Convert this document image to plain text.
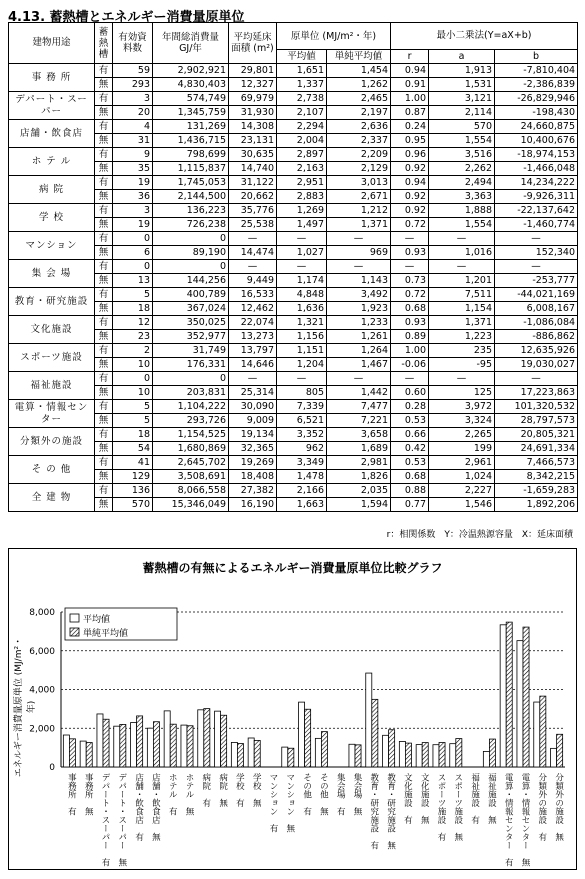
4.13. 蓄熱槽とエネルギー消費量原単位
建物用途	蓄熱槽	有効資料数	年間総消費量 GJ/年	平均延床面積 (m²)	原単位 (MJ/m²・年)		最小二乗法(Y=aX+b)		
					平均値	単純平均値	r	a	b
事 務 所	有	59	2,902,921	29,801	1,651	1,454	0.94	1,913	-7,810,404
	無	293	4,830,403	12,327	1,337	1,262	0.91	1,531	-2,386,839
デパート・スーパー	有	3	574,749	69,979	2,738	2,465	1.00	3,121	-26,829,946
	無	20	1,345,759	31,930	2,107	2,197	0.87	2,114	-198,430
店舗・飲食店	有	4	131,269	14,308	2,294	2,636	0.24	570	24,660,875
	無	31	1,436,715	23,131	2,004	2,337	0.95	1,554	10,400,676
ホ テ ル	有	9	798,699	30,635	2,897	2,209	0.96	3,516	-18,974,153
	無	35	1,115,837	14,740	2,163	2,129	0.92	2,262	-1,466,048
病 院	有	19	1,745,053	31,122	2,951	3,013	0.94	2,494	14,234,222
	無	36	2,144,500	20,662	2,883	2,671	0.92	3,363	-9,926,311
学 校	有	3	136,223	35,776	1,269	1,212	0.92	1,888	-22,137,642
	無	19	726,238	25,538	1,497	1,371	0.72	1,554	-1,460,774
マンション	有	0	0	—	—	—	—	—	—
	無	6	89,190	14,474	1,027	969	0.93	1,016	152,340
集 会 場	有	0	0	—	—	—	—	—	—
	無	13	144,256	9,449	1,174	1,143	0.73	1,201	-253,777
教育・研究施設	有	5	400,789	16,533	4,848	3,492	0.72	7,511	-44,021,169
	無	18	367,024	12,462	1,636	1,923	0.68	1,154	6,008,167
文化施設	有	12	350,025	22,074	1,321	1,233	0.93	1,371	-1,086,084
	無	23	352,977	13,273	1,156	1,261	0.89	1,223	-886,862
スポーツ施設	有	2	31,749	13,797	1,151	1,264	1.00	235	12,635,926
	無	10	176,331	14,646	1,204	1,467	-0.06	-95	19,030,027
福祉施設	有	0	0	—	—	—	—	—	—
	無	10	203,831	25,314	805	1,442	0.60	125	17,223,863
電算・情報センター	有	5	1,104,222	30,090	7,339	7,477	0.28	3,972	101,320,532
	無	5	293,726	9,009	6,521	7,221	0.53	3,324	28,797,573
分類外の施設	有	18	1,154,525	19,134	3,352	3,658	0.66	2,265	20,805,321
	無	54	1,680,869	32,365	962	1,689	0.42	199	24,691,334
そ の 他	有	41	2,645,702	19,269	3,349	2,981	0.53	2,961	7,466,573
	無	129	3,508,691	18,408	1,478	1,826	0.68	1,024	8,342,215
全 建 物	有	136	8,066,558	27,382	2,166	2,035	0.88	2,227	-1,659,283
	無	570	15,346,049	16,190	1,663	1,594	0.77	1,546	1,892,206
r：相関係数　Y：冷温熱源容量　X：延床面積
蓄熱槽の有無によるエネルギー消費量原単位比較グラフ
エネルギー消費量原単位 (MJ/m²・年)
0
2,000
4,000
6,000
8,000
事務所　有 事務所　無 デパート・スーパー　有 デパート・スーパー　無 店舗・飲食店　有 店舗・飲食店　無 ホテル　有 ホテル　無 病院　有 病院　無 学校　有 学校　無 マンション　有 マンション　無 その他　有 その他　無 集会場　有 集会場　無 教育・研究施設　有 教育・研究施設　無 文化施設　有 文化施設　無 スポーツ施設　有 スポーツ施設　無 福祉施設　有 福祉施設　無 電算・情報センター　有 電算・情報センター　無 分類外の施設　有 分類外の施設　無
平均値
単純平均値
